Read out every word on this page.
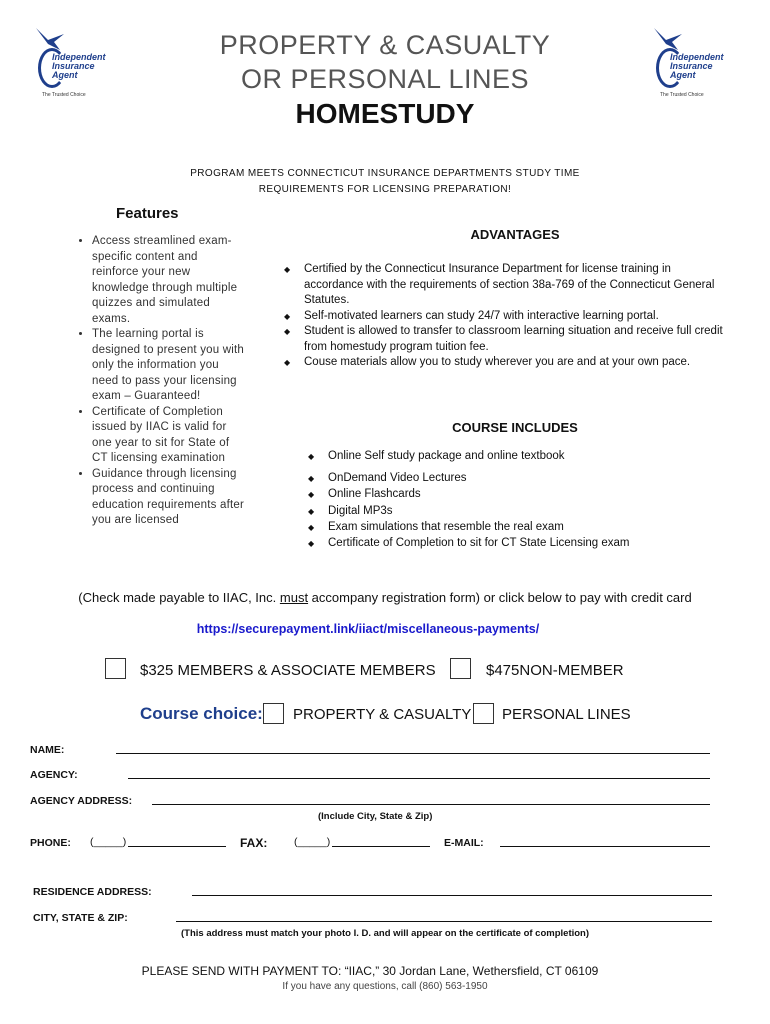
Independent
Insurance
Agent
The Trusted Choice
Independent
Insurance
Agent
The Trusted Choice
PROPERTY & CASUALTY
OR PERSONAL LINES
HOMESTUDY
PROGRAM MEETS CONNECTICUT INSURANCE DEPARTMENTS STUDY TIME
REQUIREMENTS FOR LICENSING PREPARATION!
Features
• Access streamlined exam-specific content and reinforce your new knowledge through multiple quizzes and simulated exams.
• The learning portal is designed to present you with only the information you need to pass your licensing exam – Guaranteed!
• Certificate of Completion issued by IIAC is valid for one year to sit for State of CT licensing examination
• Guidance through licensing process and continuing education requirements after you are licensed
ADVANTAGES
◆ Certified by the Connecticut Insurance Department for license training in accordance with the requirements of section 38a-769 of the Connecticut General Statutes.
◆ Self-motivated learners can study 24/7 with interactive learning portal.
◆ Student is allowed to transfer to classroom learning situation and receive full credit from homestudy program tuition fee.
◆ Couse materials allow you to study wherever you are and at your own pace.
COURSE INCLUDES
◆ Online Self study package and online textbook
◆ OnDemand Video Lectures
◆ Online Flashcards
◆ Digital MP3s
◆ Exam simulations that resemble the real exam
◆ Certificate of Completion to sit for CT State Licensing exam
(Check made payable to IIAC, Inc. must accompany registration form) or click below to pay with credit card
https://securepayment.link/iiact/miscellaneous-payments/
$325 MEMBERS & ASSOCIATE MEMBERS	$475NON-MEMBER
Course choice: PROPERTY & CASUALTY PERSONAL LINES
NAME:
AGENCY:
AGENCY ADDRESS:
(Include City, State & Zip)
PHONE: (_____)	FAX:	(_____)	E-MAIL:
RESIDENCE ADDRESS:
CITY, STATE & ZIP:
(This address must match your photo I. D. and will appear on the certificate of completion)
PLEASE SEND WITH PAYMENT TO: “IIAC,” 30 Jordan Lane, Wethersfield, CT 06109
If you have any questions, call (860) 563-1950
